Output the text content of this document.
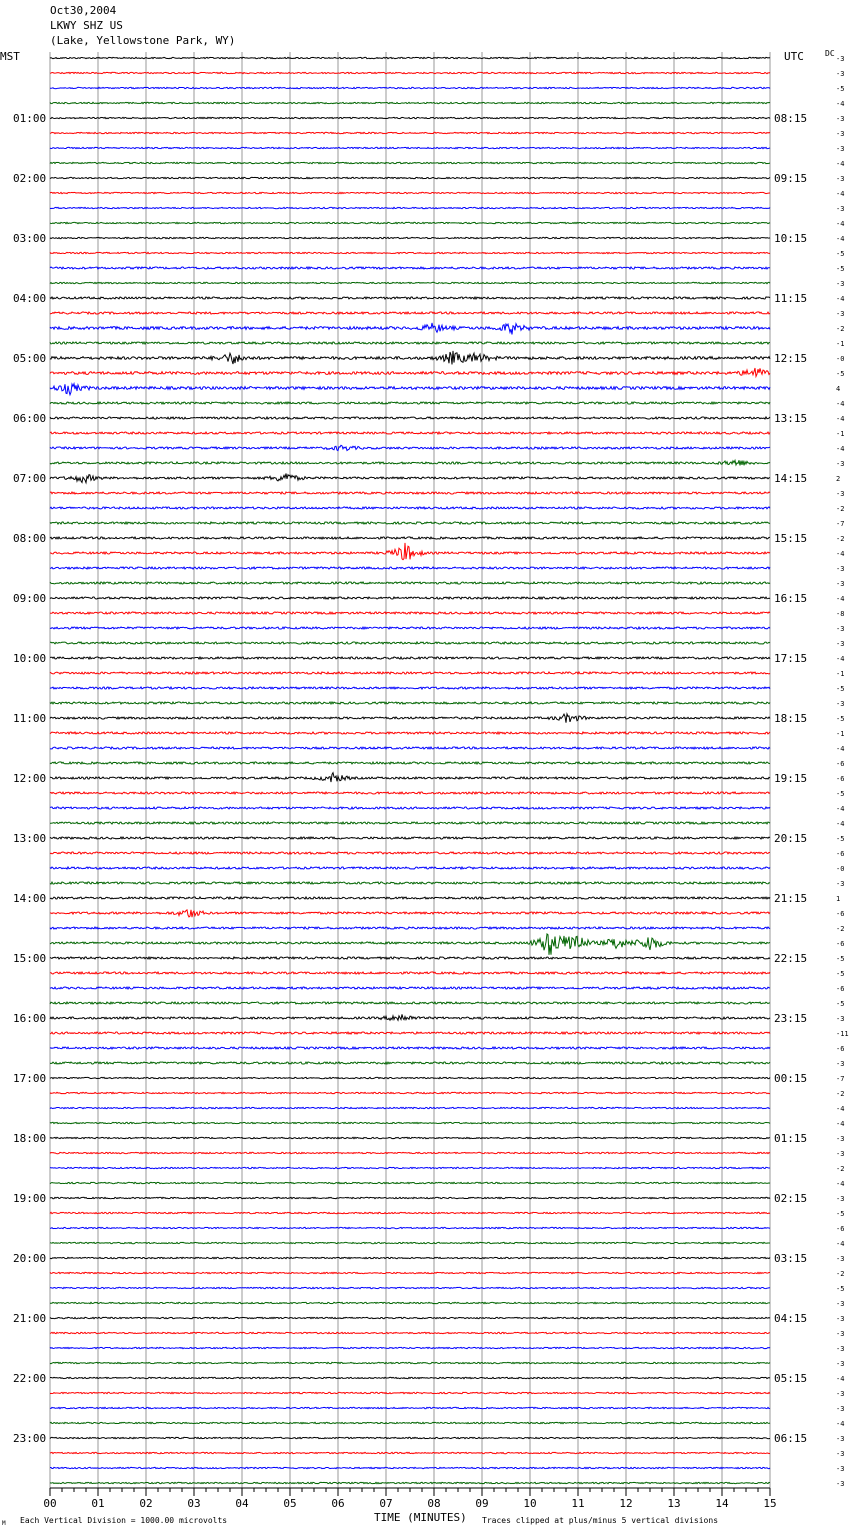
Oct30,2004
LKWY SHZ US
(Lake, Yellowstone Park, WY)
MST	UTC	DC
-3
-3
-5
-4
-3
-3
-3
-4
-3
-4
-3
-4
-4
-5
-5
-3
-4
-3
-2
-1
-0
-5
4
-4
-4
-1
-4
-3
2
-3
-2
-7
-2
-4
-3
-3
-4
-8
-3
-3
-4
-1
-5
-3
-5
-1
-4
-6
-6
-5
-4
-4
-5
-6
-0
-3
1
-6
-2
-6
-5
-5
-6
-5
-3
-11
-6
-3
-7
-2
-4
-4
-3
-3
-2
-4
-3
-5
-6
-4
-3
-2
-5
-3
-3
-3
-3
-3
-4
-3
-3
-4
-3
-3
-3
-3
01:00	08:15
02:00	09:15
03:00	10:15
04:00	11:15
05:00	12:15
06:00	13:15
07:00	14:15
08:00	15:15
09:00	16:15
10:00	17:15
11:00	18:15
12:00	19:15
13:00	20:15
14:00	21:15
15:00	22:15
16:00	23:15
17:00	00:15
18:00	01:15
19:00	02:15
20:00	03:15
21:00	04:15
22:00	05:15
23:00	06:15
00	01	02	03	04	05	06	07	08	09	10	11	12	13	14	15
TIME (MINUTES)
Each Vertical Division = 1000.00 microvolts	Traces clipped at plus/minus 5 vertical divisions
M
